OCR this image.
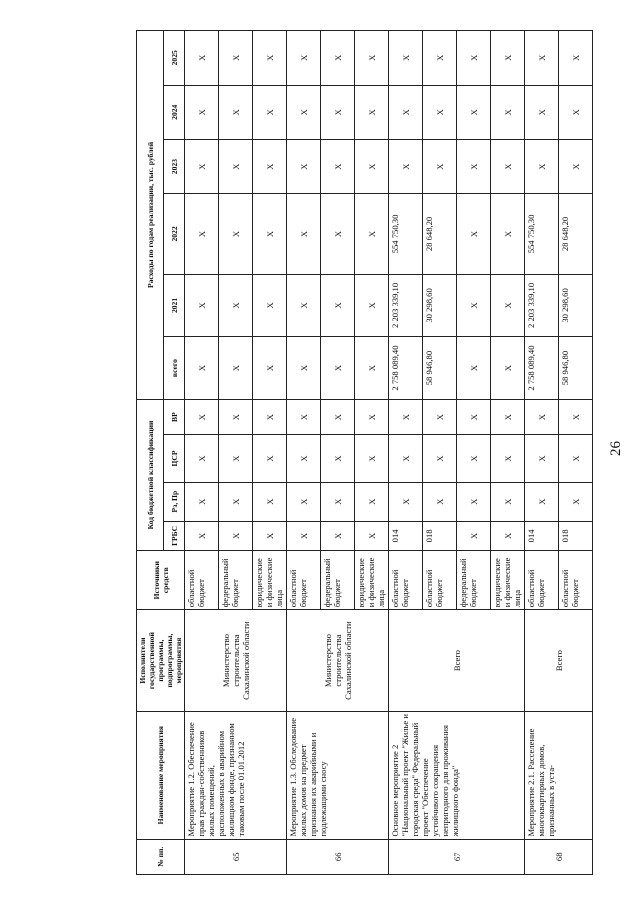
26
№ пп.	Наименование мероприятия	Исполнители государственной программы, подпрограммы, мероприятия	Источники средств	Код бюджетной классификации				Расходы по годам реализации, тыс. рублей					
				ГРБС	Рз, Пр	ЦСР	ВР	всего	2021	2022	2023	2024	2025
65	Мероприятие 1.2. Обеспечение прав граждан-собственников жилых помещений, расположенных в аварийном жилищном фонде, признанном таковым после 01.01.2012	Министерство строительства Сахалинской области	областной бюджет	X	X	X	X	X	X	X	X	X	X
			федеральный бюджет	X	X	X	X	X	X	X	X	X	X
			юридические и физические лица	X	X	X	X	X	X	X	X	X	X
66	Мероприятие 1.3. Обследование жилых домов на предмет признания их аварийными и подлежащими сносу	Министерство строительства Сахалинской области	областной бюджет	X	X	X	X	X	X	X	X	X	X
			федеральный бюджет	X	X	X	X	X	X	X	X	X	X
			юридические и физические лица	X	X	X	X	X	X	X	X	X	X
67	Основное мероприятие 2 "Национальный проект "Жилье и городская среда" Федеральный проект "Обеспечение устойчивого сокращения непригодного для проживания жилищного фонда"	Всего	областной бюджет	014	X	X	X	2 758 089,40	2 203 339,10	554 750,30	X	X	X
			областной бюджет	018	X	X	X	58 946,80	30 298,60	28 648,20	X	X	X
			федеральный бюджет	X	X	X	X	X	X	X	X	X	X
			юридические и физические лица	X	X	X	X	X	X	X	X	X	X
68	Мероприятие 2.1. Расселение многоквартирных домов, признанных в уста-	Всего	областной бюджет	014	X	X	X	2 758 089,40	2 203 339,10	554 750,30	X	X	X
			областной бюджет	018	X	X	X	58 946,80	30 298,60	28 648,20	X	X	X
